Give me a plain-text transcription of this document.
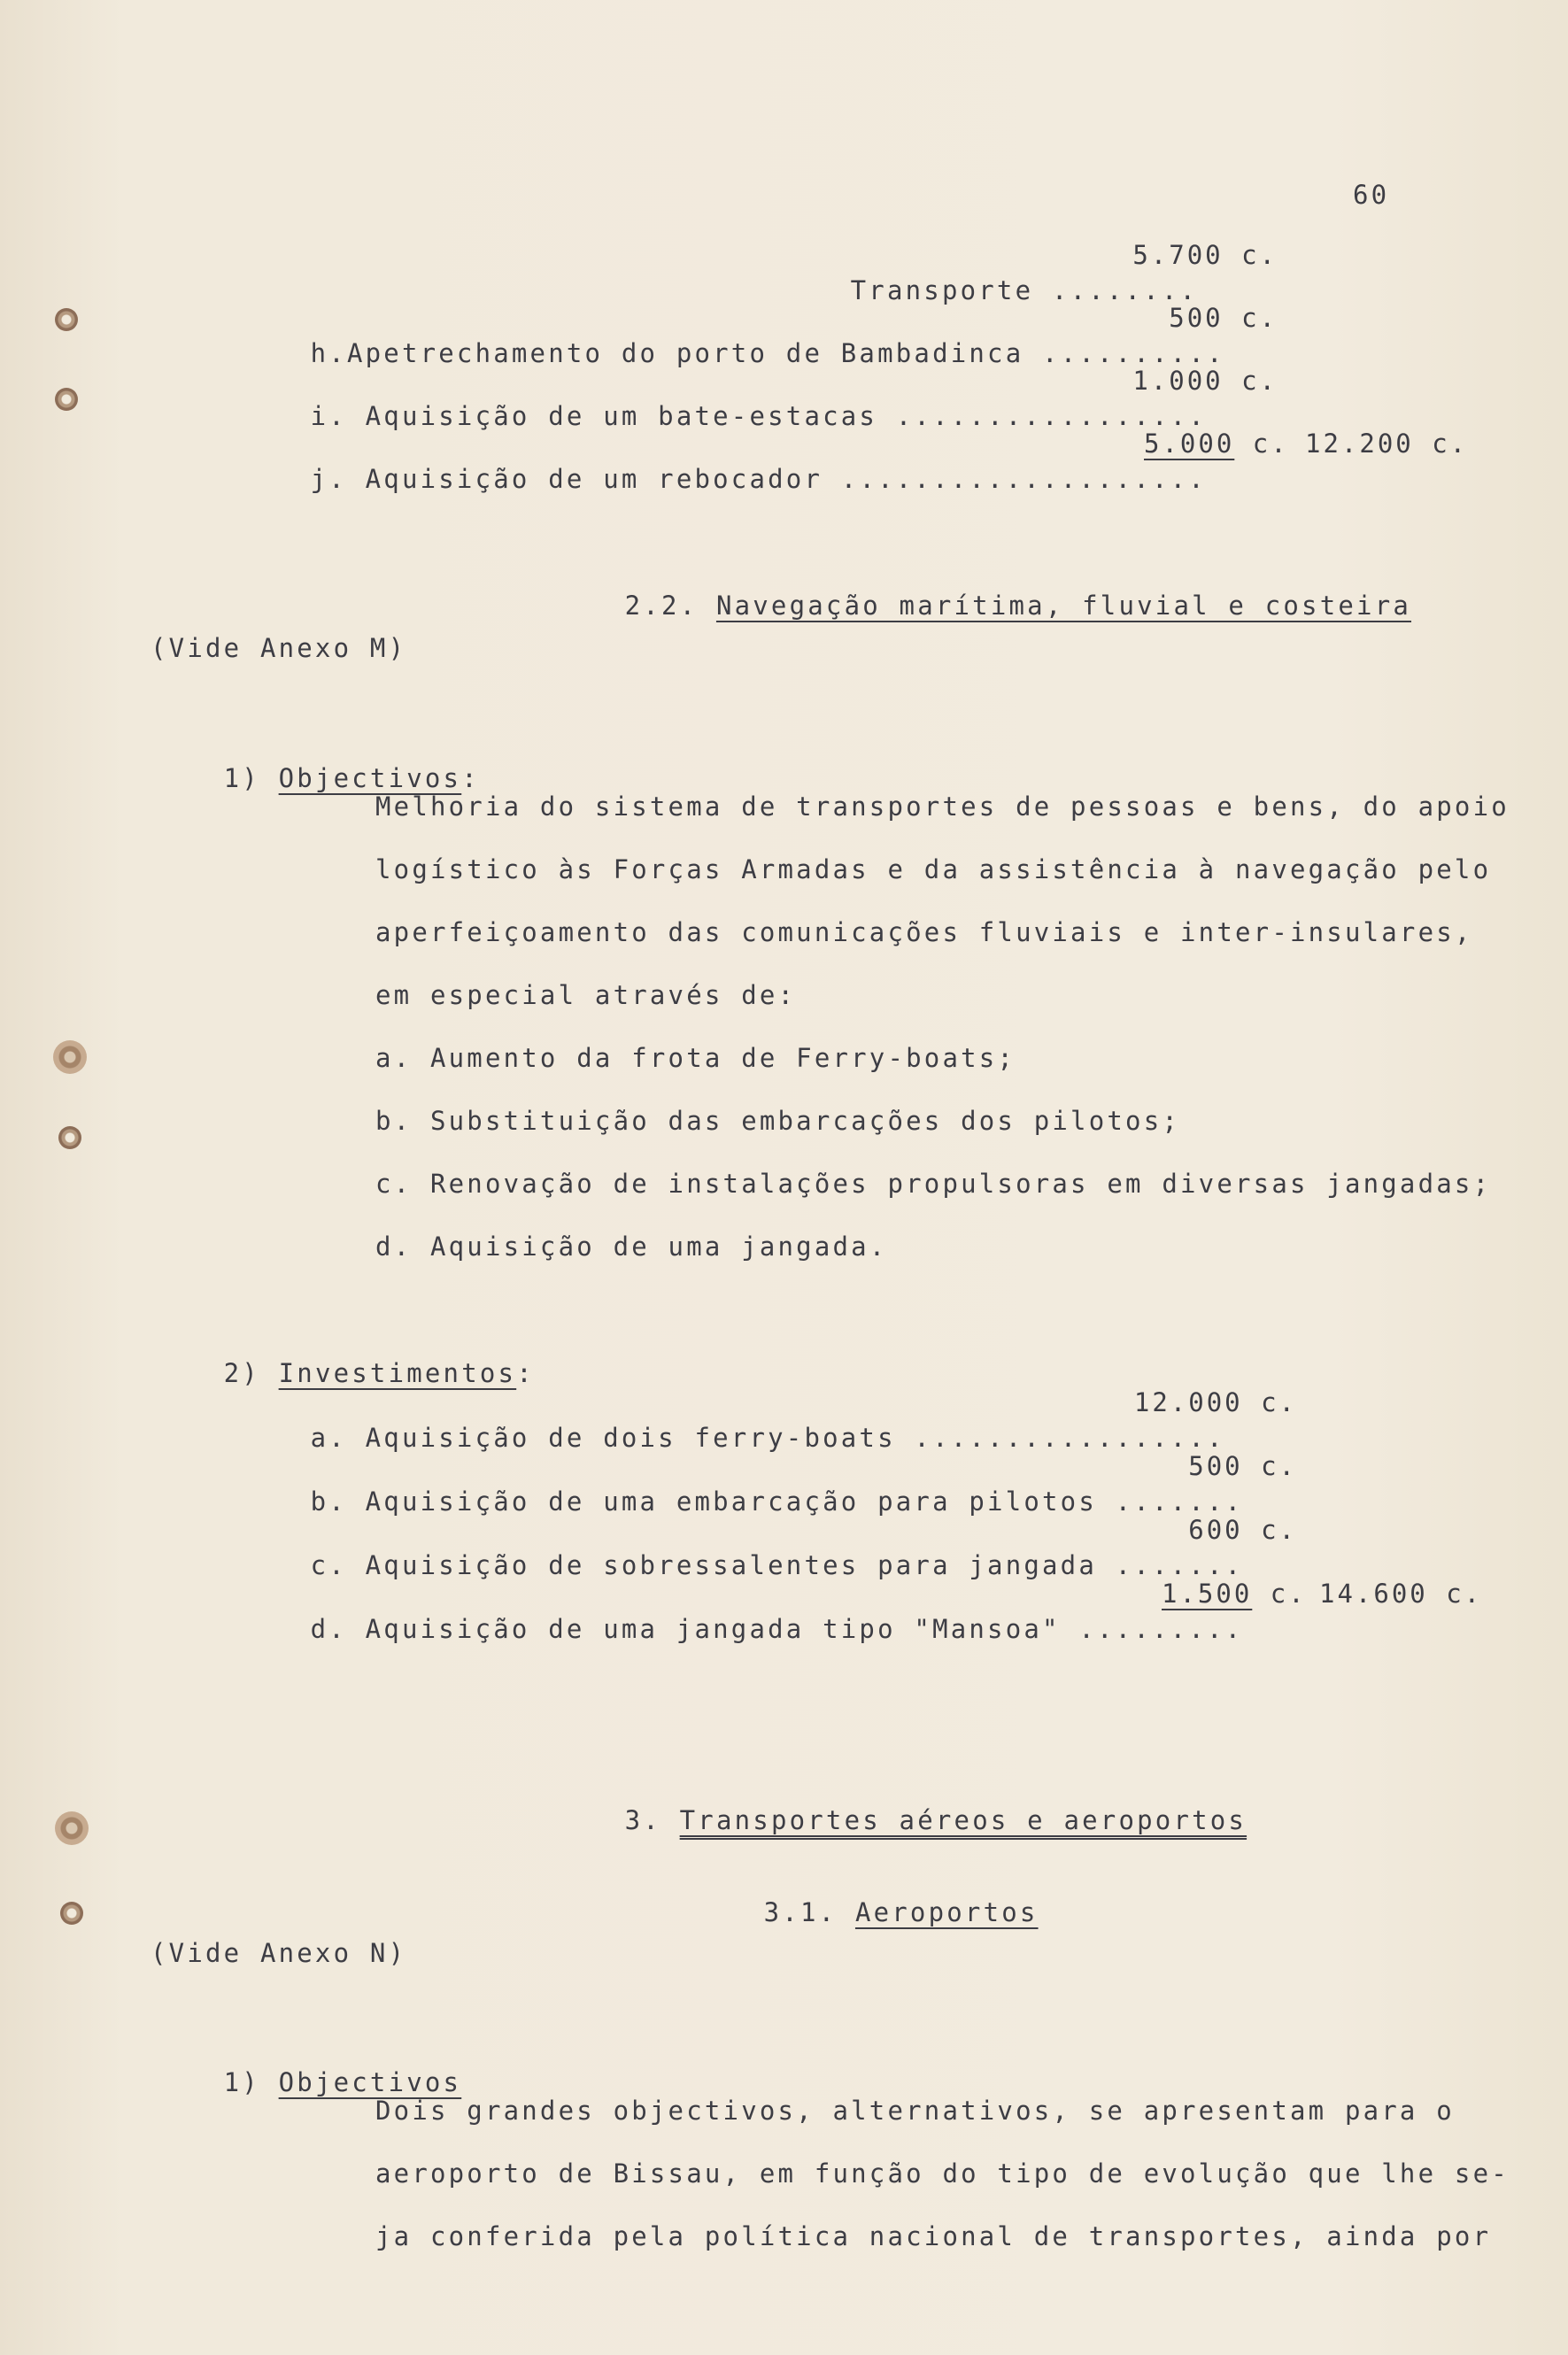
60

Transporte ........

5.700 c.

h.Apetrechamento do porto de Bambadinca ..........

500 c.

i. Aquisição de um bate-estacas .................

1.000 c.

j. Aquisição de um rebocador ....................

5.000 c. 12.200 c.

2.2. Navegação marítima, fluvial e costeira

(Vide Anexo M)

1) Objectivos:

Melhoria do sistema de transportes de pessoas e bens, do apoio
logístico às Forças Armadas e da assistência à navegação pelo
aperfeiçoamento das comunicações fluviais e inter-insulares,
em especial através de:
a. Aumento da frota de Ferry-boats;
b. Substituição das embarcações dos pilotos;
c. Renovação de instalações propulsoras em diversas jangadas;
d. Aquisição de uma jangada.

2) Investimentos:

a. Aquisição de dois ferry-boats .................

12.000 c.

b. Aquisição de uma embarcação para pilotos .......

500 c.

c. Aquisição de sobressalentes para jangada .......

600 c.

d. Aquisição de uma jangada tipo "Mansoa" .........

1.500 c. 14.600 c.

3. Transportes aéreos e aeroportos

3.1. Aeroportos

(Vide Anexo N)

1) Objectivos

Dois grandes objectivos, alternativos, se apresentam para o
aeroporto de Bissau, em função do tipo de evolução que lhe se-
ja conferida pela política nacional de transportes, ainda por
